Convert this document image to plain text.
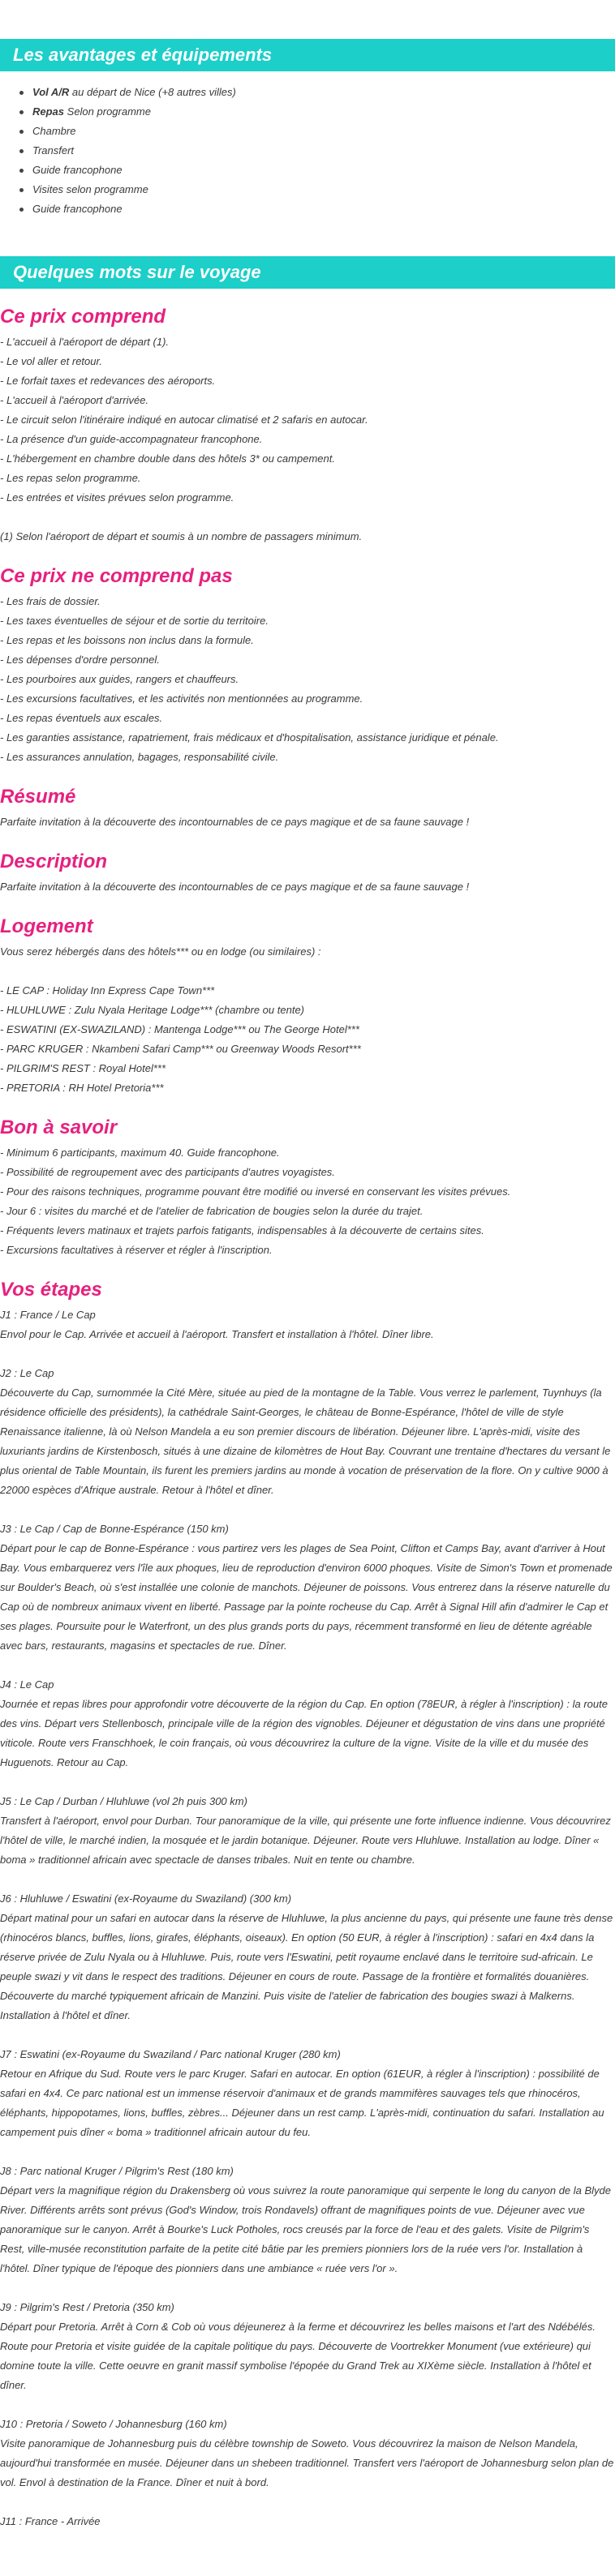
Les avantages et équipements
Vol A/R au départ de Nice (+8 autres villes)
Repas Selon programme
Chambre
Transfert
Guide francophone
Visites selon programme
Guide francophone
Quelques mots sur le voyage
Ce prix comprend
- L'accueil à l'aéroport de départ (1).
- Le vol aller et retour.
- Le forfait taxes et redevances des aéroports.
- L'accueil à l'aéroport d'arrivée.
- Le circuit selon l'itinéraire indiqué en autocar climatisé et 2 safaris en autocar.
- La présence d'un guide-accompagnateur francophone.
- L'hébergement en chambre double dans des hôtels 3* ou campement.
- Les repas selon programme.
- Les entrées et visites prévues selon programme.
(1) Selon l'aéroport de départ et soumis à un nombre de passagers minimum.
Ce prix ne comprend pas
- Les frais de dossier.
- Les taxes éventuelles de séjour et de sortie du territoire.
- Les repas et les boissons non inclus dans la formule.
- Les dépenses d'ordre personnel.
- Les pourboires aux guides, rangers et chauffeurs.
- Les excursions facultatives, et les activités non mentionnées au programme.
- Les repas éventuels aux escales.
- Les garanties assistance, rapatriement, frais médicaux et d'hospitalisation, assistance juridique et pénale.
- Les assurances annulation, bagages, responsabilité civile.
Résumé
Parfaite invitation à la découverte des incontournables de ce pays magique et de sa faune sauvage !
Description
Parfaite invitation à la découverte des incontournables de ce pays magique et de sa faune sauvage !
Logement
Vous serez hébergés dans des hôtels*** ou en lodge (ou similaires) :
- LE CAP : Holiday Inn Express Cape Town***
- HLUHLUWE : Zulu Nyala Heritage Lodge*** (chambre ou tente)
- ESWATINI (EX-SWAZILAND) : Mantenga Lodge*** ou The George Hotel***
- PARC KRUGER : Nkambeni Safari Camp*** ou Greenway Woods Resort***
- PILGRIM'S REST : Royal Hotel***
- PRETORIA : RH Hotel Pretoria***
Bon à savoir
- Minimum 6 participants, maximum 40. Guide francophone.
- Possibilité de regroupement avec des participants d'autres voyagistes.
- Pour des raisons techniques, programme pouvant être modifié ou inversé en conservant les visites prévues.
- Jour 6 : visites du marché et de l'atelier de fabrication de bougies selon la durée du trajet.
- Fréquents levers matinaux et trajets parfois fatigants, indispensables à la découverte de certains sites.
- Excursions facultatives à réserver et régler à l'inscription.
Vos étapes
J1 : France / Le Cap
Envol pour le Cap. Arrivée et accueil à l'aéroport. Transfert et installation à l'hôtel. Dîner libre.
J2 : Le Cap
Découverte du Cap, surnommée la Cité Mère, située au pied de la montagne de la Table. Vous verrez le parlement, Tuynhuys (la résidence officielle des présidents), la cathédrale Saint-Georges, le château de Bonne-Espérance, l'hôtel de ville de style Renaissance italienne, là où Nelson Mandela a eu son premier discours de libération. Déjeuner libre. L'après-midi, visite des luxuriants jardins de Kirstenbosch, situés à une dizaine de kilomètres de Hout Bay. Couvrant une trentaine d'hectares du versant le plus oriental de Table Mountain, ils furent les premiers jardins au monde à vocation de préservation de la flore. On y cultive 9000 à 22000 espèces d'Afrique australe. Retour à l'hôtel et dîner.
J3 : Le Cap / Cap de Bonne-Espérance (150 km)
Départ pour le cap de Bonne-Espérance : vous partirez vers les plages de Sea Point, Clifton et Camps Bay, avant d'arriver à Hout Bay. Vous embarquerez vers l'île aux phoques, lieu de reproduction d'environ 6000 phoques. Visite de Simon's Town et promenade sur Boulder's Beach, où s'est installée une colonie de manchots. Déjeuner de poissons. Vous entrerez dans la réserve naturelle du Cap où de nombreux animaux vivent en liberté. Passage par la pointe rocheuse du Cap. Arrêt à Signal Hill afin d'admirer le Cap et ses plages. Poursuite pour le Waterfront, un des plus grands ports du pays, récemment transformé en lieu de détente agréable avec bars, restaurants, magasins et spectacles de rue. Dîner.
J4 : Le Cap
Journée et repas libres pour approfondir votre découverte de la région du Cap. En option (78EUR, à régler à l'inscription) : la route des vins. Départ vers Stellenbosch, principale ville de la région des vignobles. Déjeuner et dégustation de vins dans une propriété viticole. Route vers Franschhoek, le coin français, où vous découvrirez la culture de la vigne. Visite de la ville et du musée des Huguenots. Retour au Cap.
J5 : Le Cap / Durban / Hluhluwe (vol 2h puis 300 km)
Transfert à l'aéroport, envol pour Durban. Tour panoramique de la ville, qui présente une forte influence indienne. Vous découvrirez l'hôtel de ville, le marché indien, la mosquée et le jardin botanique. Déjeuner. Route vers Hluhluwe. Installation au lodge. Dîner « boma » traditionnel africain avec spectacle de danses tribales. Nuit en tente ou chambre.
J6 : Hluhluwe / Eswatini (ex-Royaume du Swaziland) (300 km)
Départ matinal pour un safari en autocar dans la réserve de Hluhluwe, la plus ancienne du pays, qui présente une faune très dense (rhinocéros blancs, buffles, lions, girafes, éléphants, oiseaux). En option (50 EUR, à régler à l'inscription) : safari en 4x4 dans la réserve privée de Zulu Nyala ou à Hluhluwe. Puis, route vers l'Eswatini, petit royaume enclavé dans le territoire sud-africain. Le peuple swazi y vit dans le respect des traditions. Déjeuner en cours de route. Passage de la frontière et formalités douanières. Découverte du marché typiquement africain de Manzini. Puis visite de l'atelier de fabrication des bougies swazi à Malkerns. Installation à l'hôtel et dîner.
J7 : Eswatini (ex-Royaume du Swaziland / Parc national Kruger (280 km)
Retour en Afrique du Sud. Route vers le parc Kruger. Safari en autocar. En option (61EUR, à régler à l'inscription) : possibilité de safari en 4x4. Ce parc national est un immense réservoir d'animaux et de grands mammifères sauvages tels que rhinocéros, éléphants, hippopotames, lions, buffles, zèbres... Déjeuner dans un rest camp. L'après-midi, continuation du safari. Installation au campement puis dîner « boma » traditionnel africain autour du feu.
J8 : Parc national Kruger / Pilgrim's Rest (180 km)
Départ vers la magnifique région du Drakensberg où vous suivrez la route panoramique qui serpente le long du canyon de la Blyde River. Différents arrêts sont prévus (God's Window, trois Rondavels) offrant de magnifiques points de vue. Déjeuner avec vue panoramique sur le canyon. Arrêt à Bourke's Luck Potholes, rocs creusés par la force de l'eau et des galets. Visite de Pilgrim's Rest, ville-musée reconstitution parfaite de la petite cité bâtie par les premiers pionniers lors de la ruée vers l'or. Installation à l'hôtel. Dîner typique de l'époque des pionniers dans une ambiance « ruée vers l'or ».
J9 : Pilgrim's Rest / Pretoria (350 km)
Départ pour Pretoria. Arrêt à Corn & Cob où vous déjeunerez à la ferme et découvrirez les belles maisons et l'art des Ndébélés. Route pour Pretoria et visite guidée de la capitale politique du pays. Découverte de Voortrekker Monument (vue extérieure) qui domine toute la ville. Cette oeuvre en granit massif symbolise l'épopée du Grand Trek au XIXème siècle. Installation à l'hôtel et dîner.
J10 : Pretoria / Soweto / Johannesburg (160 km)
Visite panoramique de Johannesburg puis du célèbre township de Soweto. Vous découvrirez la maison de Nelson Mandela, aujourd'hui transformée en musée. Déjeuner dans un shebeen traditionnel. Transfert vers l'aéroport de Johannesburg selon plan de vol. Envol à destination de la France. Dîner et nuit à bord.
J11 : France - Arrivée
